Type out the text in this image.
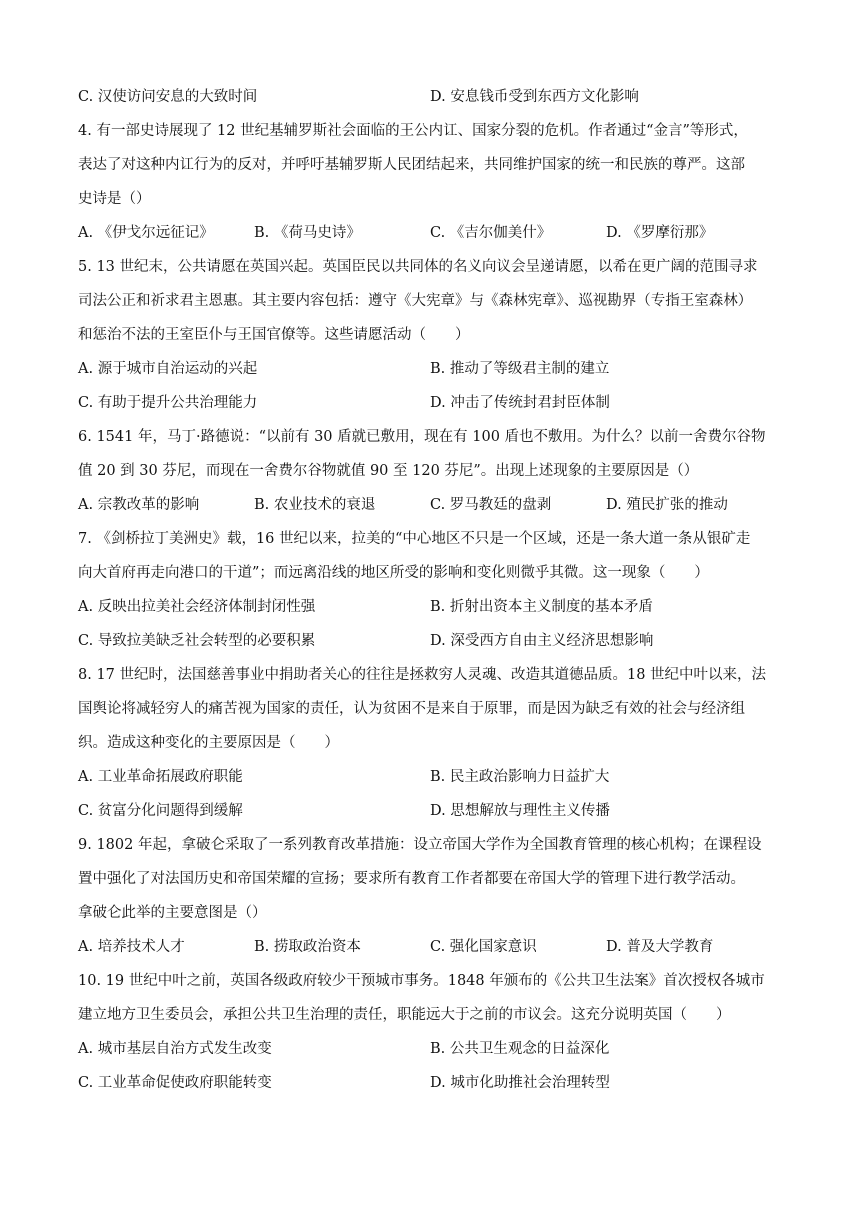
C. 汉使访问安息的大致时间	D. 安息钱币受到东西方文化影响
4. 有一部史诗展现了 12 世纪基辅罗斯社会面临的王公内讧、国家分裂的危机。作者通过“金言”等形式，
表达了对这种内讧行为的反对，并呼吁基辅罗斯人民团结起来，共同维护国家的统一和民族的尊严。这部
史诗是（）
A. 《伊戈尔远征记》	B. 《荷马史诗》	C. 《吉尔伽美什》	D. 《罗摩衍那》
5. 13 世纪末，公共请愿在英国兴起。英国臣民以共同体的名义向议会呈递请愿，以希在更广阔的范围寻求
司法公正和祈求君主恩惠。其主要内容包括：遵守《大宪章》与《森林宪章》、巡视勘界（专指王室森林）
和惩治不法的王室臣仆与王国官僚等。这些请愿活动（　　）
A. 源于城市自治运动的兴起	B. 推动了等级君主制的建立
C. 有助于提升公共治理能力	D. 冲击了传统封君封臣体制
6. 1541 年，马丁·路德说：“以前有 30 盾就已敷用，现在有 100 盾也不敷用。为什么？以前一舍费尔谷物
值 20 到 30 芬尼，而现在一舍费尔谷物就值 90 至 120 芬尼”。出现上述现象的主要原因是（）
A. 宗教改革的影响	B. 农业技术的衰退	C. 罗马教廷的盘剥	D. 殖民扩张的推动
7. 《剑桥拉丁美洲史》载，16 世纪以来，拉美的“中心地区不只是一个区域，还是一条大道一条从银矿走
向大首府再走向港口的干道”；而远离沿线的地区所受的影响和变化则微乎其微。这一现象（　　）
A. 反映出拉美社会经济体制封闭性强	B. 折射出资本主义制度的基本矛盾
C. 导致拉美缺乏社会转型的必要积累	D. 深受西方自由主义经济思想影响
8. 17 世纪时，法国慈善事业中捐助者关心的往往是拯救穷人灵魂、改造其道德品质。18 世纪中叶以来，法
国舆论将减轻穷人的痛苦视为国家的责任，认为贫困不是来自于原罪，而是因为缺乏有效的社会与经济组
织。造成这种变化的主要原因是（　　）
A. 工业革命拓展政府职能	B. 民主政治影响力日益扩大
C. 贫富分化问题得到缓解	D. 思想解放与理性主义传播
9. 1802 年起，拿破仑采取了一系列教育改革措施：设立帝国大学作为全国教育管理的核心机构；在课程设
置中强化了对法国历史和帝国荣耀的宣扬；要求所有教育工作者都要在帝国大学的管理下进行教学活动。
拿破仑此举的主要意图是（）
A. 培养技术人才	B. 捞取政治资本	C. 强化国家意识	D. 普及大学教育
10. 19 世纪中叶之前，英国各级政府较少干预城市事务。1848 年颁布的《公共卫生法案》首次授权各城市
建立地方卫生委员会，承担公共卫生治理的责任，职能远大于之前的市议会。这充分说明英国（　　）
A. 城市基层自治方式发生改变	B. 公共卫生观念的日益深化
C. 工业革命促使政府职能转变	D. 城市化助推社会治理转型
